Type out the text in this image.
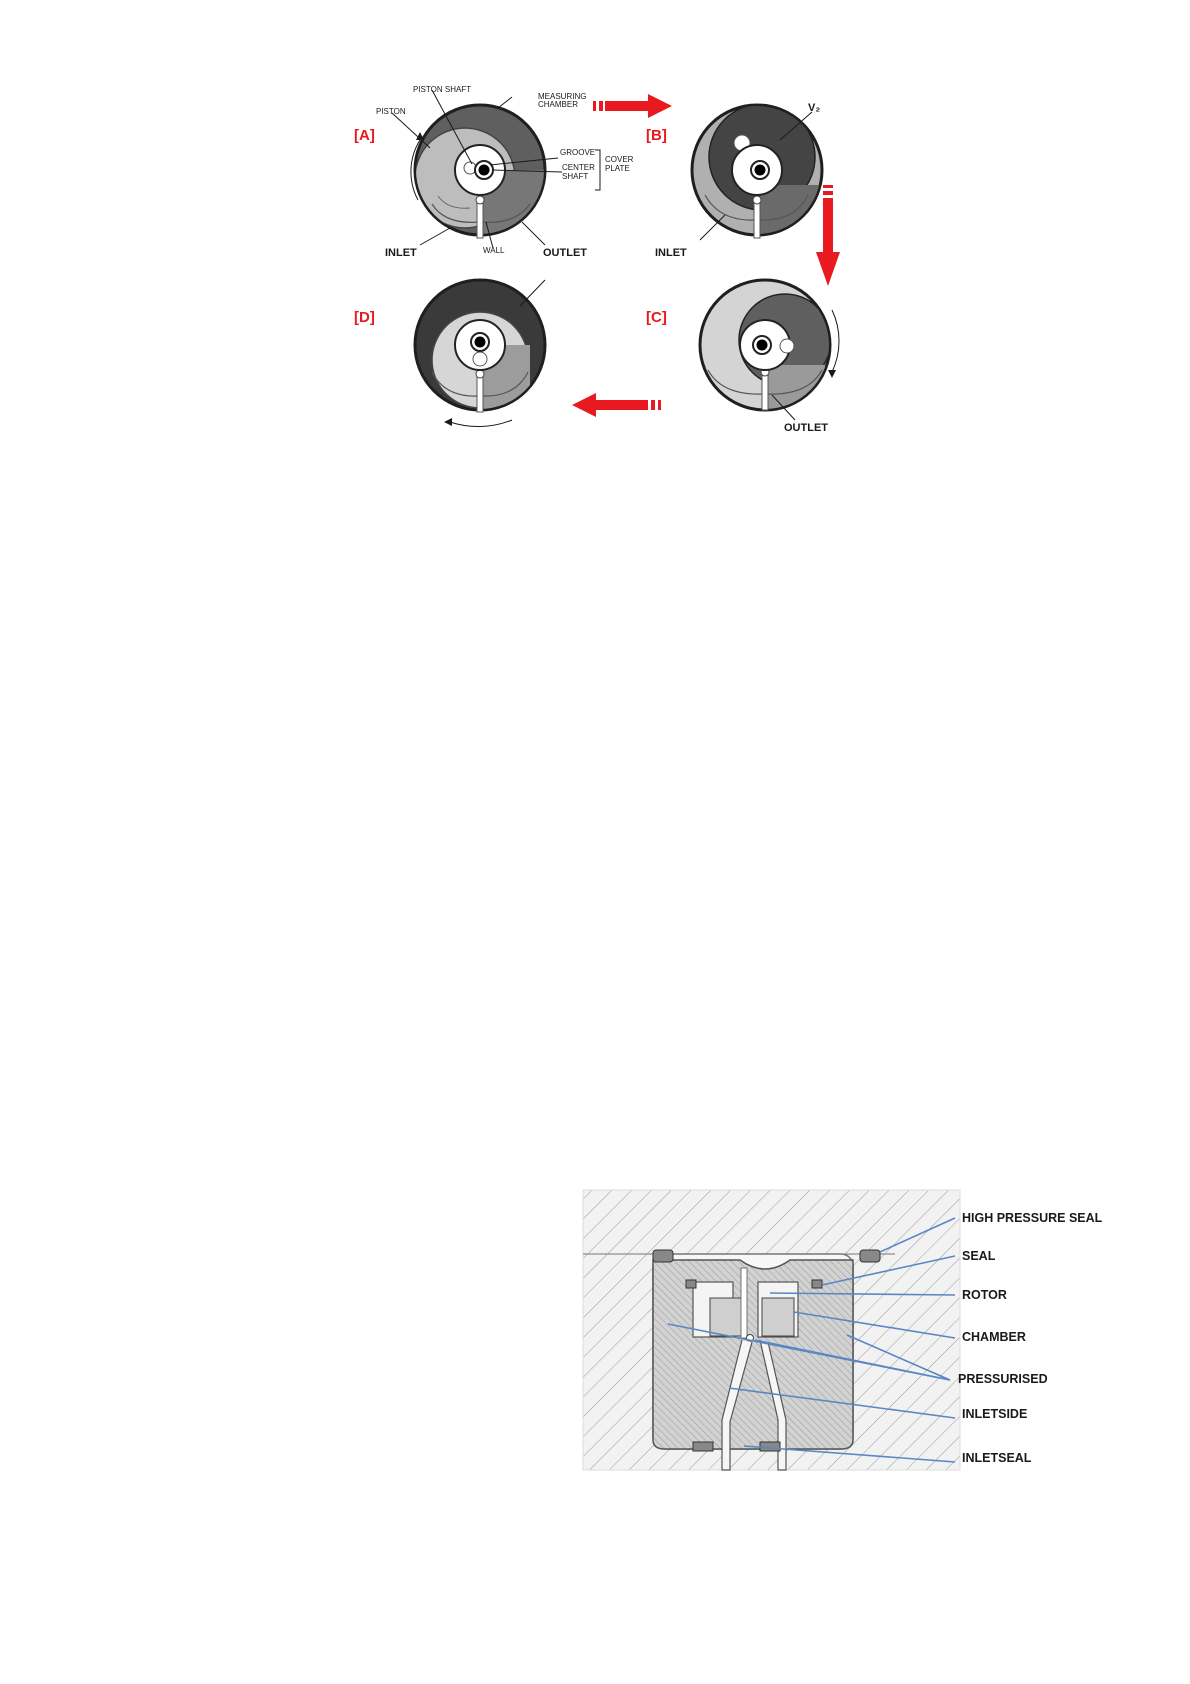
PISTON SHAFT
PISTON
MEASURING
CHAMBER
GROOVE
CENTER
SHAFT
COVER
PLATE
WALL
INLET	OUTLET
[A]
V₂
INLET
[B]
OUTLET
[C]
[D]
HIGH PRESSURE SEAL
SEAL
ROTOR
CHAMBER
PRESSURISED
INLETSIDE
INLETSEAL
